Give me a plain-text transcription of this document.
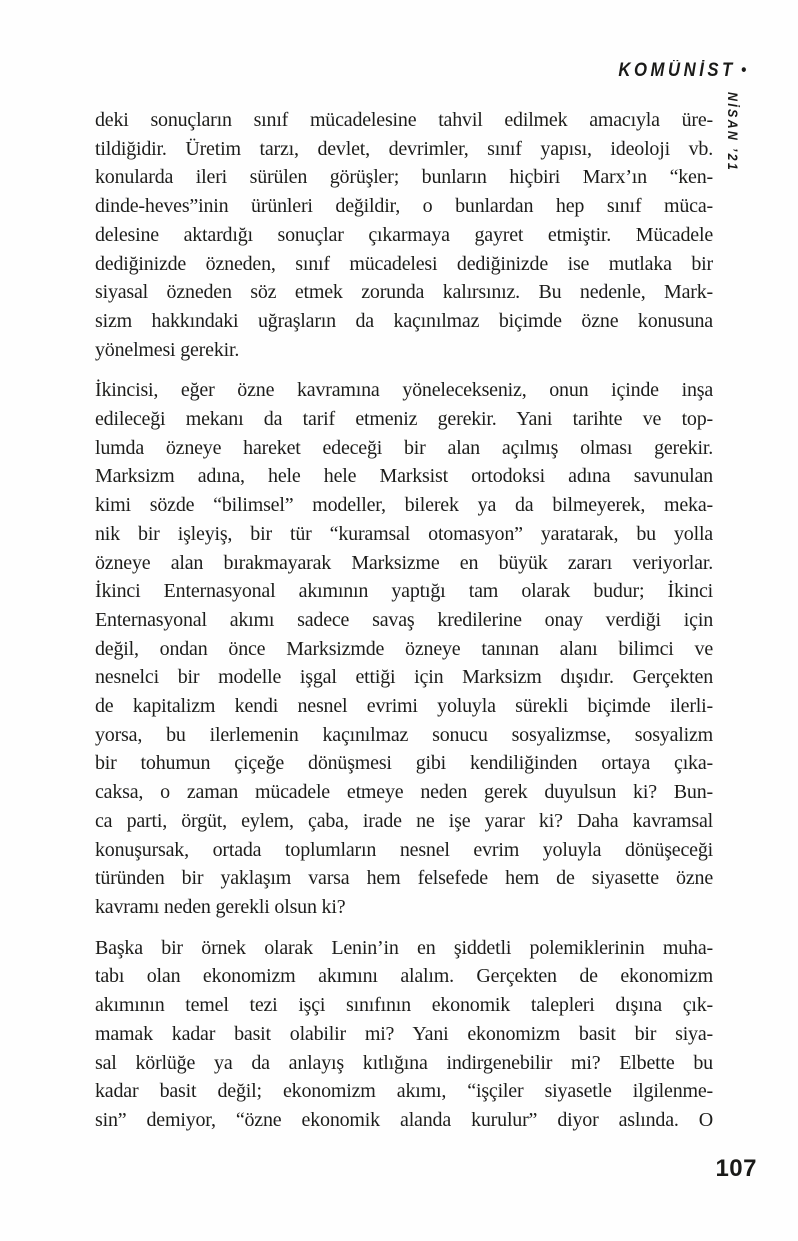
KOMÜNİST •
NİSAN ’21
deki sonuçların sınıf mücadelesine tahvil edilmek amacıyla üre-
tildiğidir. Üretim tarzı, devlet, devrimler, sınıf yapısı, ideoloji vb.
konularda ileri sürülen görüşler; bunların hiçbiri Marx’ın “ken-
dinde-heves”inin ürünleri değildir, o bunlardan hep sınıf müca-
delesine aktardığı sonuçlar çıkarmaya gayret etmiştir. Mücadele
dediğinizde özneden, sınıf mücadelesi dediğinizde ise mutlaka bir
siyasal özneden söz etmek zorunda kalırsınız. Bu nedenle, Mark-
sizm hakkındaki uğraşların da kaçınılmaz biçimde özne konusuna
yönelmesi gerekir.
İkincisi, eğer özne kavramına yönelecekseniz, onun içinde inşa
edileceği mekanı da tarif etmeniz gerekir. Yani tarihte ve top-
lumda özneye hareket edeceği bir alan açılmış olması gerekir.
Marksizm adına, hele hele Marksist ortodoksi adına savunulan
kimi sözde “bilimsel” modeller, bilerek ya da bilmeyerek, meka-
nik bir işleyiş, bir tür “kuramsal otomasyon” yaratarak, bu yolla
özneye alan bırakmayarak Marksizme en büyük zararı veriyorlar.
İkinci Enternasyonal akımının yaptığı tam olarak budur; İkinci
Enternasyonal akımı sadece savaş kredilerine onay verdiği için
değil, ondan önce Marksizmde özneye tanınan alanı bilimci ve
nesnelci bir modelle işgal ettiği için Marksizm dışıdır. Gerçekten
de kapitalizm kendi nesnel evrimi yoluyla sürekli biçimde ilerli-
yorsa, bu ilerlemenin kaçınılmaz sonucu sosyalizmse, sosyalizm
bir tohumun çiçeğe dönüşmesi gibi kendiliğinden ortaya çıka-
caksa, o zaman mücadele etmeye neden gerek duyulsun ki? Bun-
ca parti, örgüt, eylem, çaba, irade ne işe yarar ki? Daha kavramsal
konuşursak, ortada toplumların nesnel evrim yoluyla dönüşeceği
türünden bir yaklaşım varsa hem felsefede hem de siyasette özne
kavramı neden gerekli olsun ki?
Başka bir örnek olarak Lenin’in en şiddetli polemiklerinin muha-
tabı olan ekonomizm akımını alalım. Gerçekten de ekonomizm
akımının temel tezi işçi sınıfının ekonomik talepleri dışına çık-
mamak kadar basit olabilir mi? Yani ekonomizm basit bir siya-
sal körlüğe ya da anlayış kıtlığına indirgenebilir mi? Elbette bu
kadar basit değil; ekonomizm akımı, “işçiler siyasetle ilgilenme-
sin” demiyor, “özne ekonomik alanda kurulur” diyor aslında. O
107
